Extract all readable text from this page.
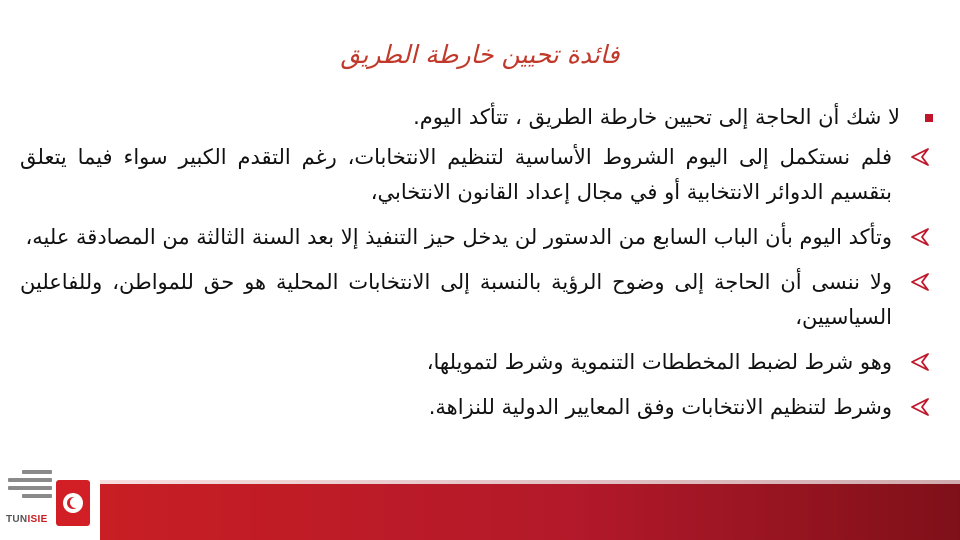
فائدة تحيين خارطة الطريق

لا شك أن الحاجة إلى تحيين خارطة الطريق ، تتأكد اليوم.

فلم نستكمل إلى اليوم الشروط الأساسية لتنظيم الانتخابات، رغم التقدم الكبير سواء فيما يتعلق بتقسيم الدوائر الانتخابية أو في مجال إعداد القانون الانتخابي،
وتأكد اليوم بأن الباب السابع من الدستور لن يدخل حيز التنفيذ إلا بعد السنة الثالثة من المصادقة عليه،
ولا ننسى أن الحاجة إلى وضوح الرؤية بالنسبة إلى الانتخابات المحلية هو حق للمواطن، وللفاعلين السياسيين،
وهو شرط لضبط المخططات التنموية وشرط لتمويلها،
وشرط لتنظيم الانتخابات وفق المعايير الدولية للنزاهة.
TUNISIE
